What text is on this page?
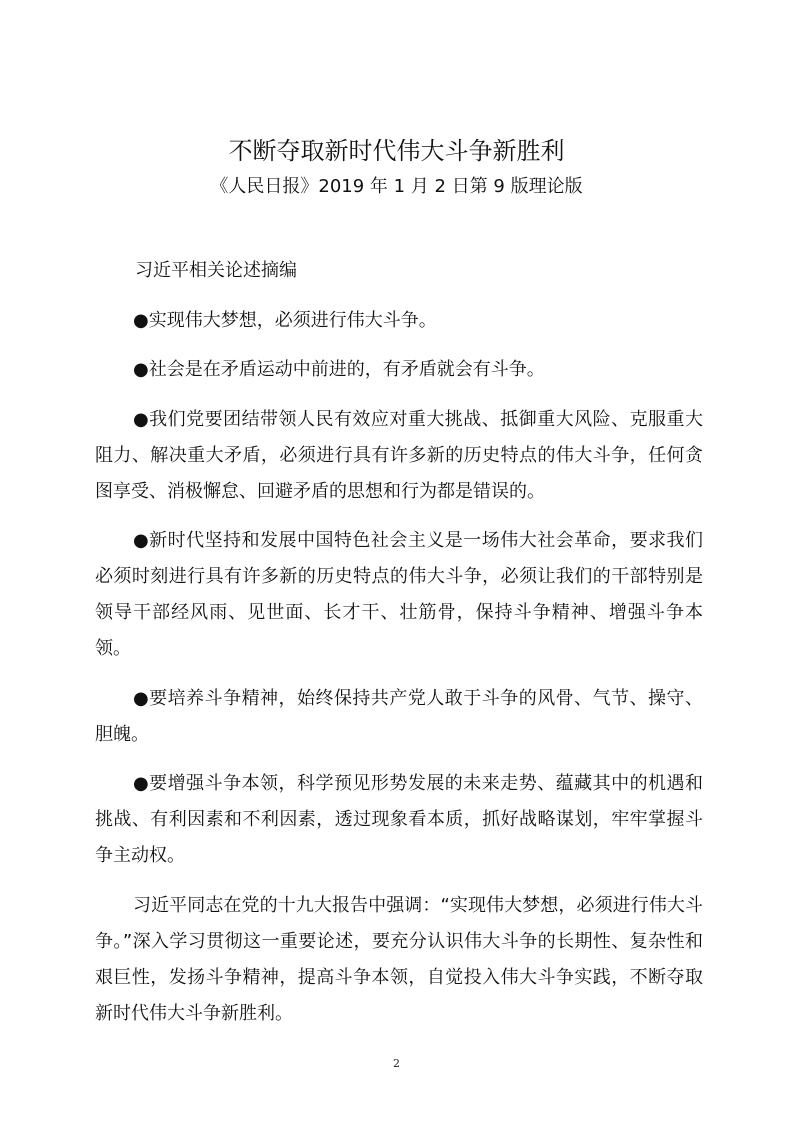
不断夺取新时代伟大斗争新胜利
《人民日报》2019 年 1 月 2 日第 9 版理论版

习近平相关论述摘编

●实现伟大梦想，必须进行伟大斗争。

●社会是在矛盾运动中前进的，有矛盾就会有斗争。

●我们党要团结带领人民有效应对重大挑战、抵御重大风险、克服重大阻力、解决重大矛盾，必须进行具有许多新的历史特点的伟大斗争，任何贪图享受、消极懈怠、回避矛盾的思想和行为都是错误的。

●新时代坚持和发展中国特色社会主义是一场伟大社会革命，要求我们必须时刻进行具有许多新的历史特点的伟大斗争，必须让我们的干部特别是领导干部经风雨、见世面、长才干、壮筋骨，保持斗争精神、增强斗争本领。

●要培养斗争精神，始终保持共产党人敢于斗争的风骨、气节、操守、胆魄。

●要增强斗争本领，科学预见形势发展的未来走势、蕴藏其中的机遇和挑战、有利因素和不利因素，透过现象看本质，抓好战略谋划，牢牢掌握斗争主动权。

习近平同志在党的十九大报告中强调：“实现伟大梦想，必须进行伟大斗争。”深入学习贯彻这一重要论述，要充分认识伟大斗争的长期性、复杂性和艰巨性，发扬斗争精神，提高斗争本领，自觉投入伟大斗争实践，不断夺取新时代伟大斗争新胜利。

2
